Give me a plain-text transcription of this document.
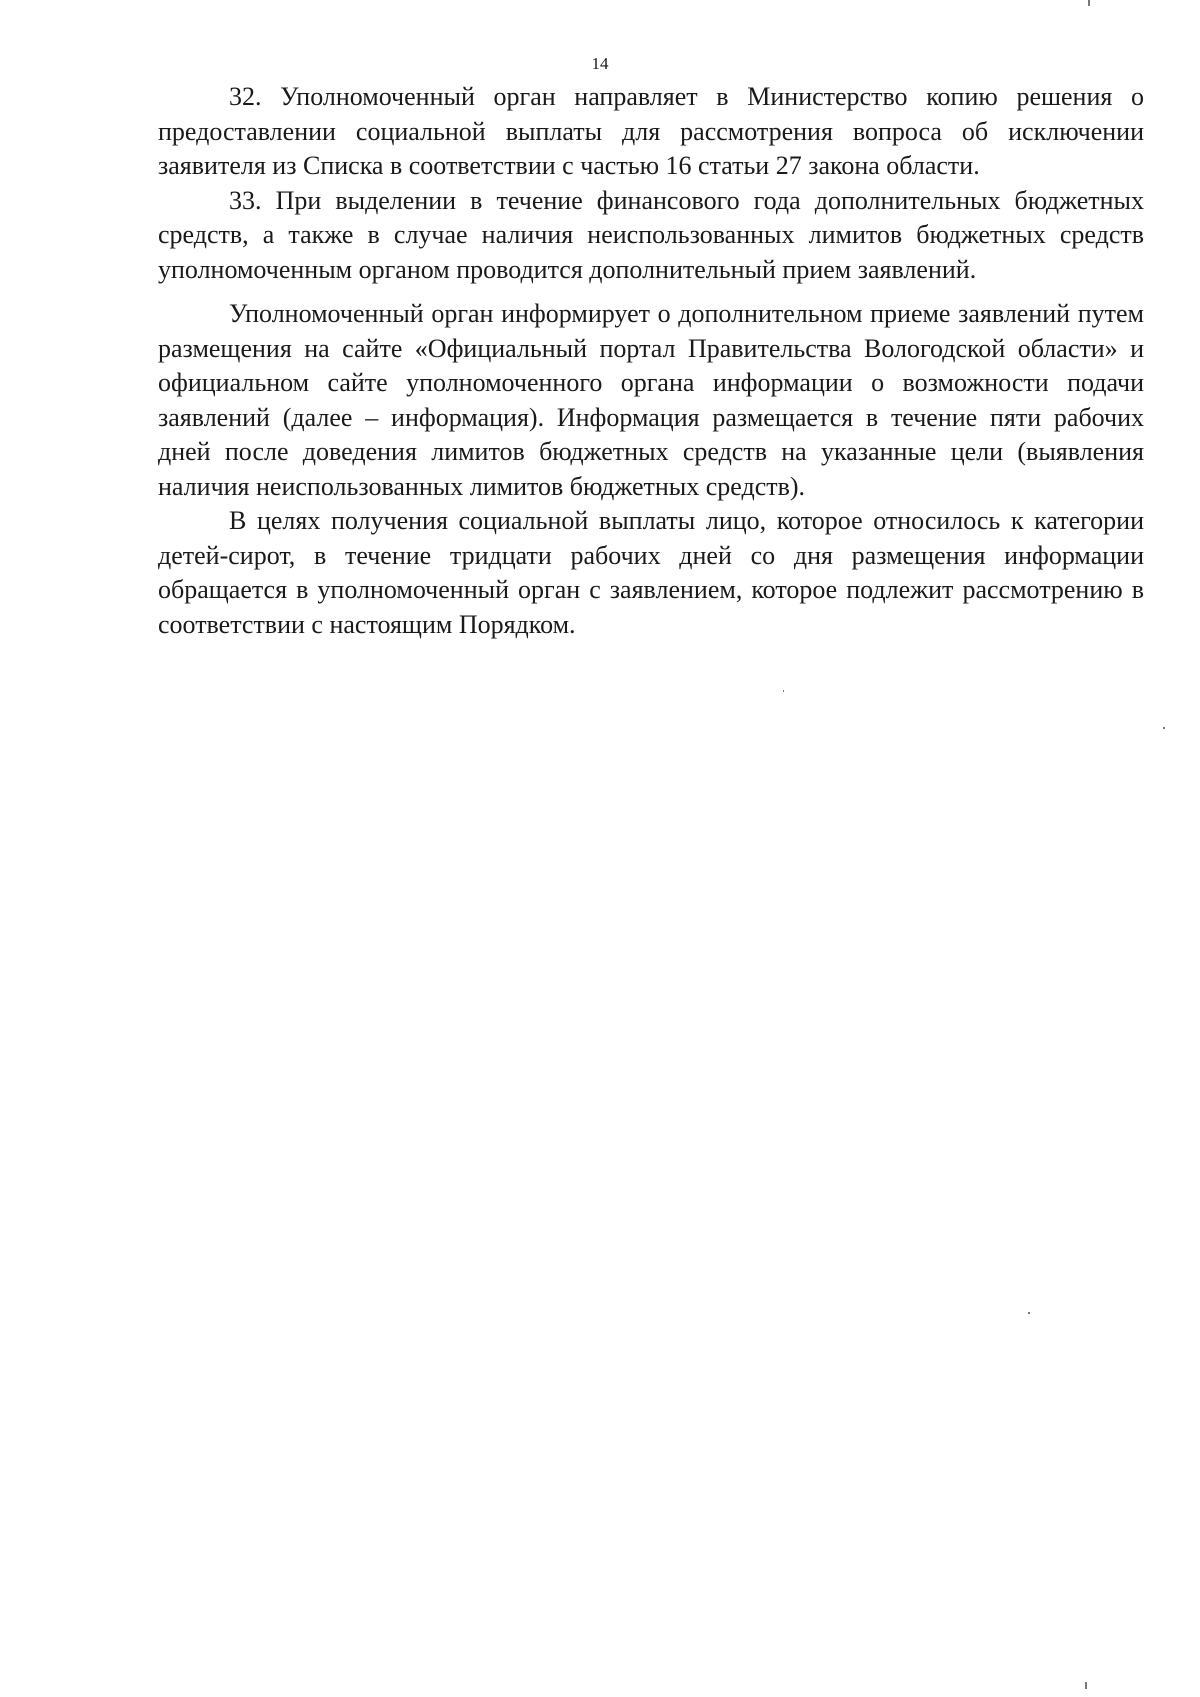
14

32. Уполномоченный орган направляет в Министерство копию решения о предоставлении социальной выплаты для рассмотрения вопроса об исключении заявителя из Списка в соответствии с частью 16 статьи 27 закона области.

33. При выделении в течение финансового года дополнительных бюджетных средств, а также в случае наличия неиспользованных лимитов бюджетных средств уполномоченным органом проводится дополнительный прием заявлений.

Уполномоченный орган информирует о дополнительном приеме заявлений путем размещения на сайте «Официальный портал Правительства Вологодской области» и официальном сайте уполномоченного органа информации о возможности подачи заявлений (далее – информация). Информация размещается в течение пяти рабочих дней после доведения лимитов бюджетных средств на указанные цели (выявления наличия неиспользованных лимитов бюджетных средств).

В целях получения социальной выплаты лицо, которое относилось к категории детей-сирот, в течение тридцати рабочих дней со дня размещения информации обращается в уполномоченный орган с заявлением, которое подлежит рассмотрению в соответствии с настоящим Порядком.
